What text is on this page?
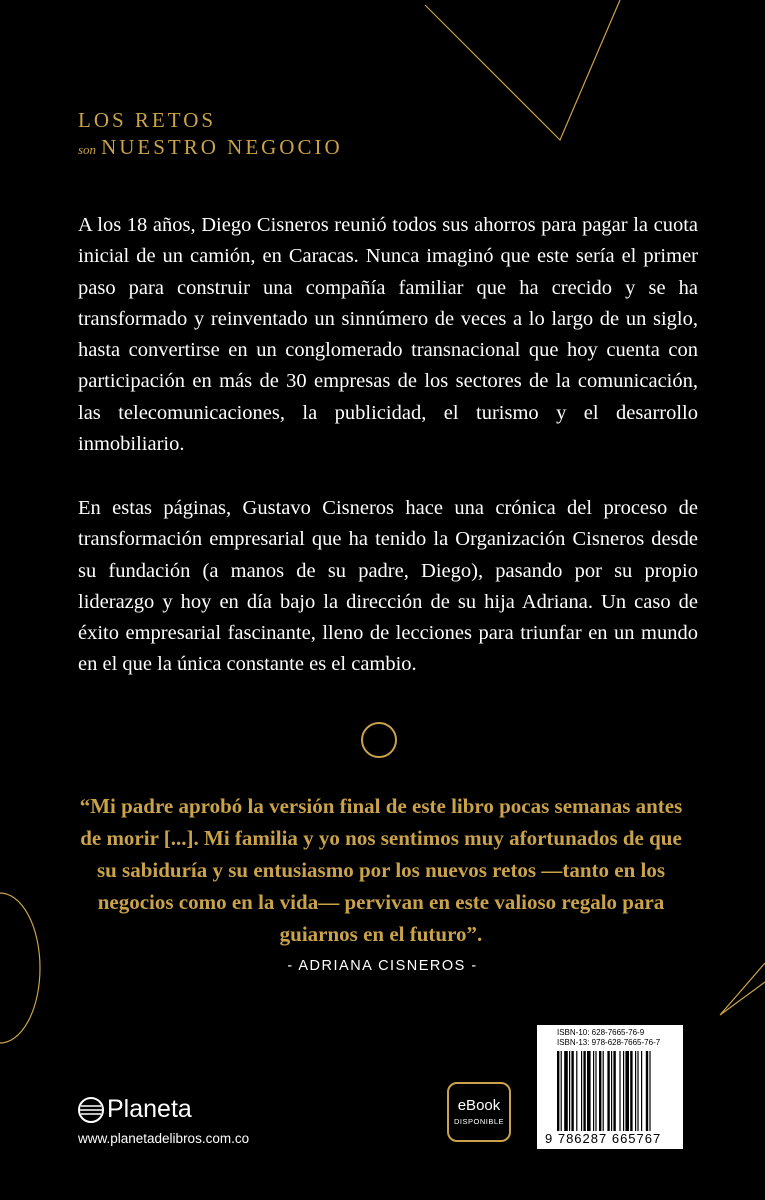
LOS RETOS
son NUESTRO NEGOCIO

A los 18 años, Diego Cisneros reunió todos sus ahorros para pagar la cuota inicial de un camión, en Caracas. Nunca imaginó que este sería el primer paso para construir una compañía familiar que ha crecido y se ha transformado y reinventado un sinnúmero de veces a lo largo de un siglo, hasta convertirse en un conglomerado transnacional que hoy cuenta con participación en más de 30 empresas de los sectores de la comunicación, las telecomunicaciones, la publicidad, el turismo y el desarrollo inmobiliario.

En estas páginas, Gustavo Cisneros hace una crónica del proceso de transformación empresarial que ha tenido la Organización Cisneros desde su fundación (a manos de su padre, Diego), pasando por su propio liderazgo y hoy en día bajo la dirección de su hija Adriana. Un caso de éxito empresarial fascinante, lleno de lecciones para triunfar en un mundo en el que la única constante es el cambio.

“Mi padre aprobó la versión final de este libro pocas semanas antes de morir [...]. Mi familia y yo nos sentimos muy afortunados de que su sabiduría y su entusiasmo por los nuevos retos —tanto en los negocios como en la vida— pervivan en este valioso regalo para guiarnos en el futuro”.

- ADRIANA CISNEROS -
Planeta
www.planetadelibros.com.co
eBook
DISPONIBLE
ISBN-10: 628-7665-76-9
ISBN-13: 978-628-7665-76-7
9 786287 665767
